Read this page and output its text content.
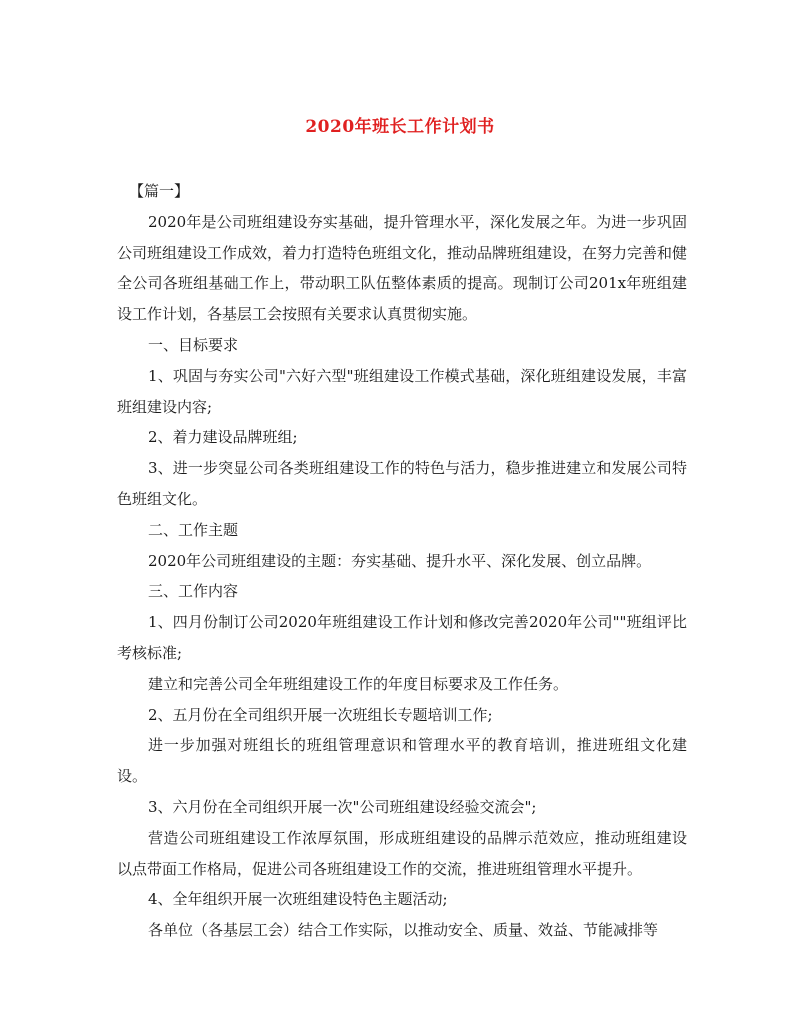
2020年班长工作计划书

【篇一】

2020年是公司班组建设夯实基础，提升管理水平，深化发展之年。为进一步巩固公司班组建设工作成效，着力打造特色班组文化，推动品牌班组建设，在努力完善和健全公司各班组基础工作上，带动职工队伍整体素质的提高。现制订公司201x年班组建设工作计划，各基层工会按照有关要求认真贯彻实施。

一、目标要求

1、巩固与夯实公司"六好六型"班组建设工作模式基础，深化班组建设发展，丰富班组建设内容;

2、着力建设品牌班组;

3、进一步突显公司各类班组建设工作的特色与活力，稳步推进建立和发展公司特色班组文化。

二、工作主题

2020年公司班组建设的主题：夯实基础、提升水平、深化发展、创立品牌。

三、工作内容

1、四月份制订公司2020年班组建设工作计划和修改完善2020年公司""班组评比考核标准;

建立和完善公司全年班组建设工作的年度目标要求及工作任务。

2、五月份在全司组织开展一次班组长专题培训工作;

进一步加强对班组长的班组管理意识和管理水平的教育培训，推进班组文化建设。

3、六月份在全司组织开展一次"公司班组建设经验交流会";

营造公司班组建设工作浓厚氛围，形成班组建设的品牌示范效应，推动班组建设以点带面工作格局，促进公司各班组建设工作的交流，推进班组管理水平提升。

4、全年组织开展一次班组建设特色主题活动;

各单位（各基层工会）结合工作实际，以推动安全、质量、效益、节能减排等
